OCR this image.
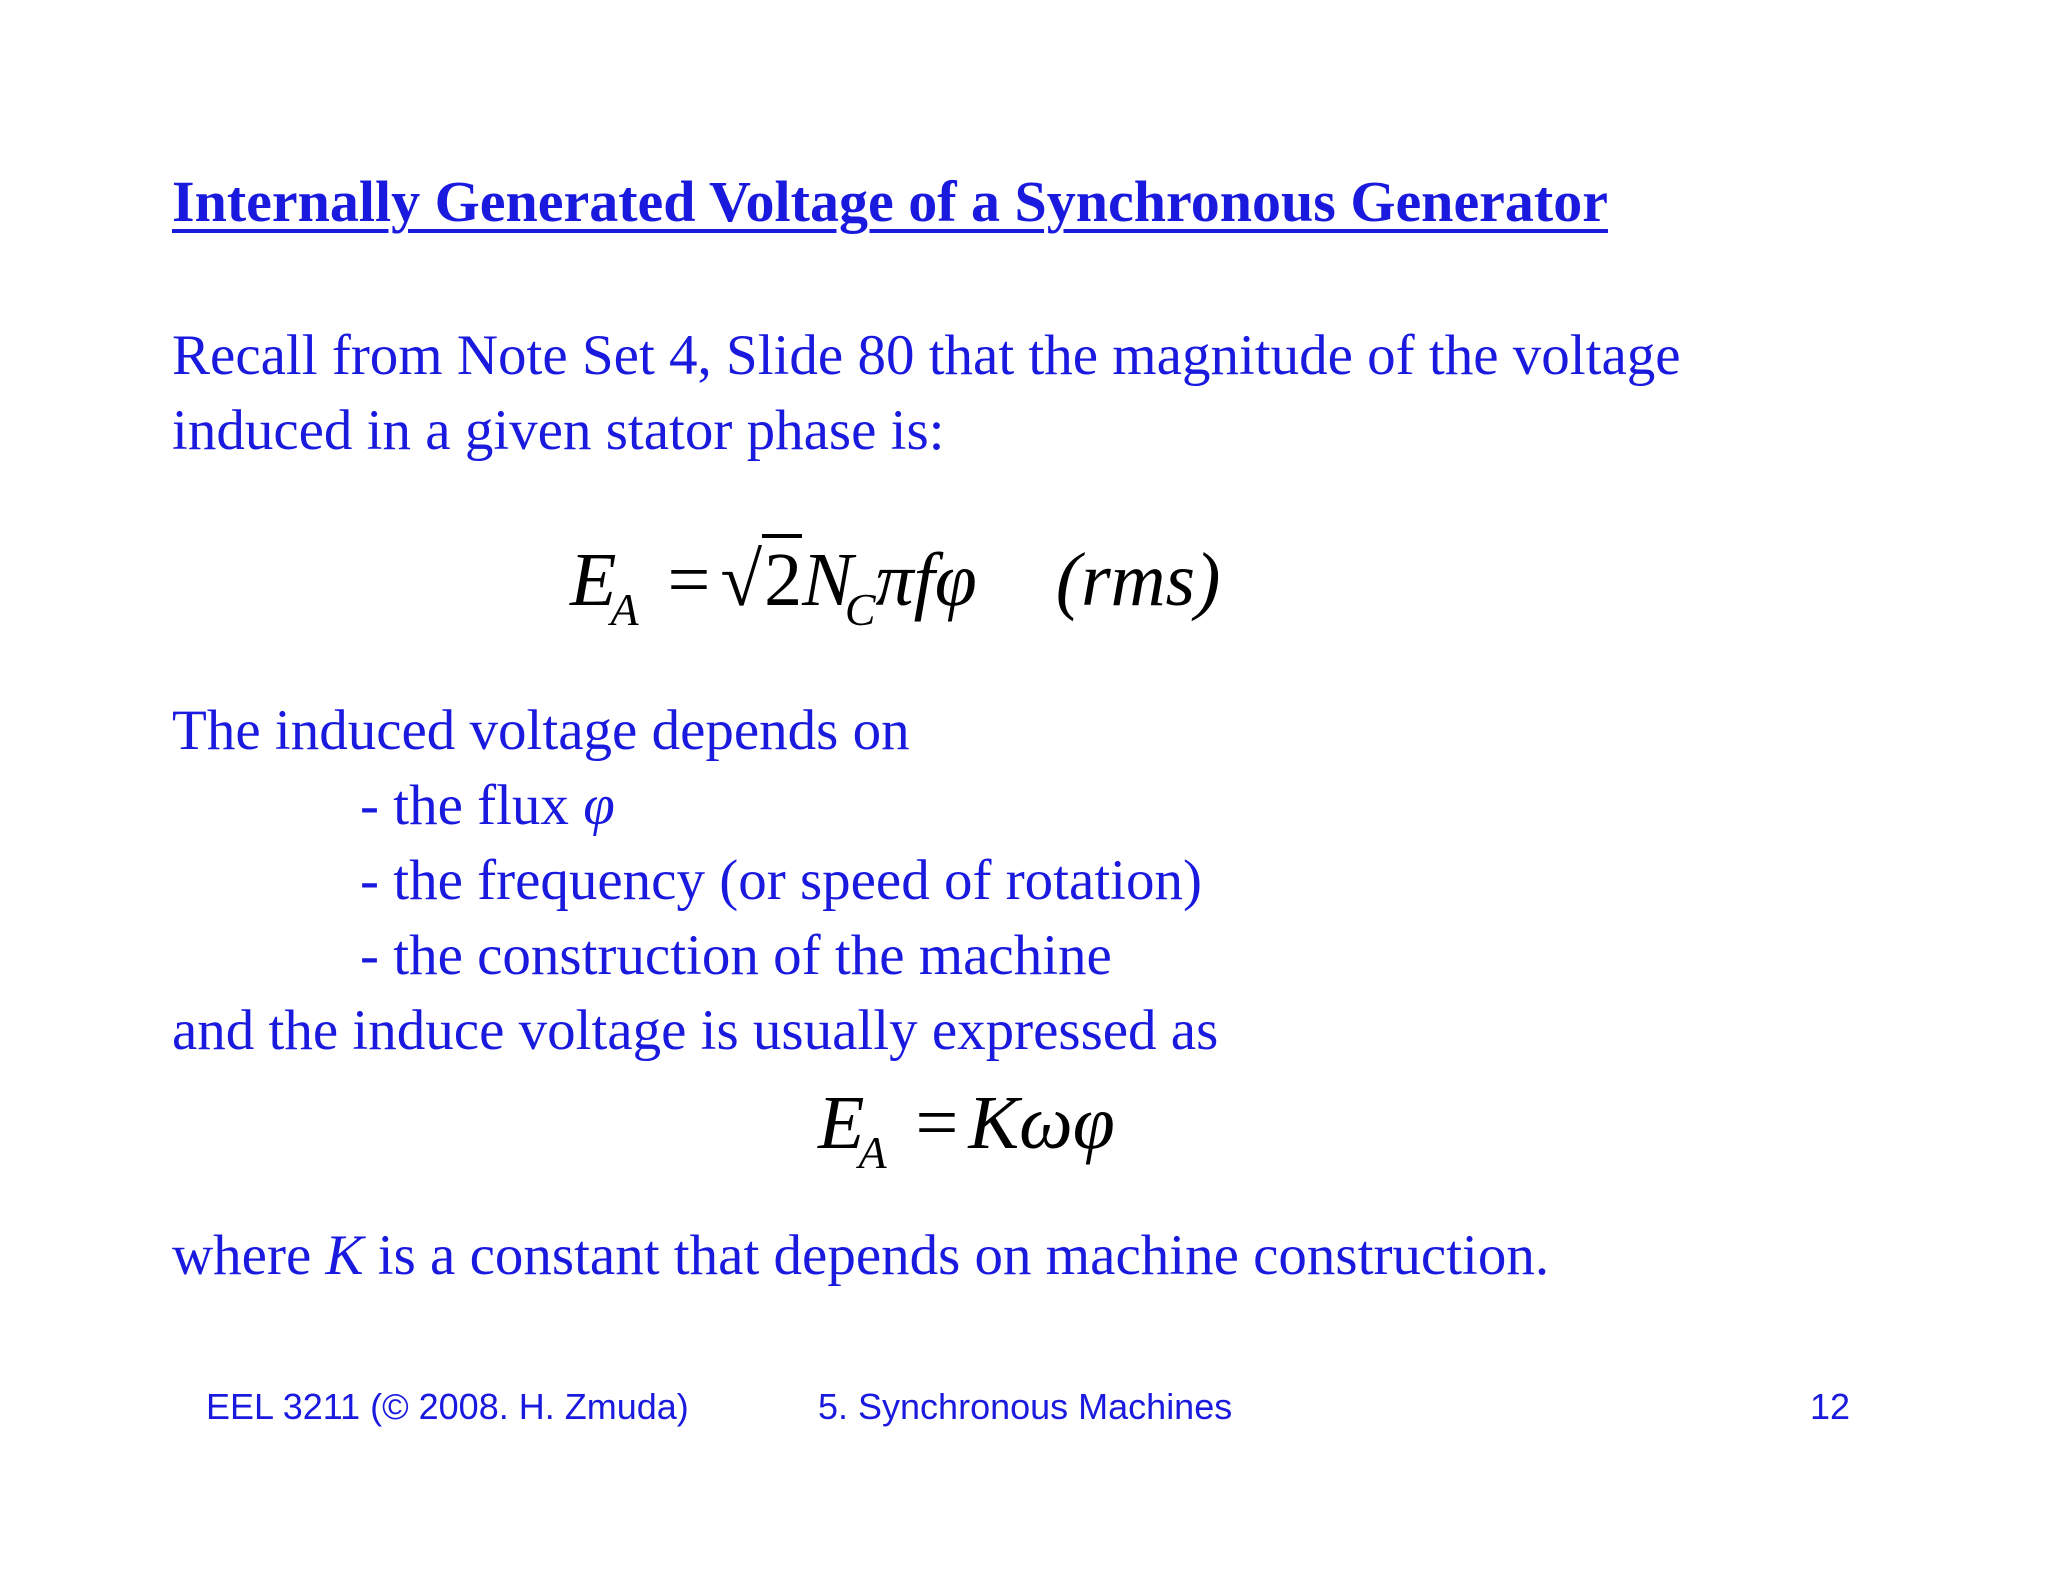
Internally Generated Voltage of a Synchronous Generator
Recall from Note Set 4, Slide 80 that the magnitude of the voltage
induced in a given stator phase is:
$E_A = √2N_C\pi f\varphi$ (rms)
The induced voltage depends on
- the flux φ
- the frequency (or speed of rotation)
- the construction of the machine
and the induce voltage is usually expressed as
$E_A = K\omega\varphi$
where K is a constant that depends on machine construction.
EEL 3211 (© 2008. H. Zmuda)	5. Synchronous Machines	12
